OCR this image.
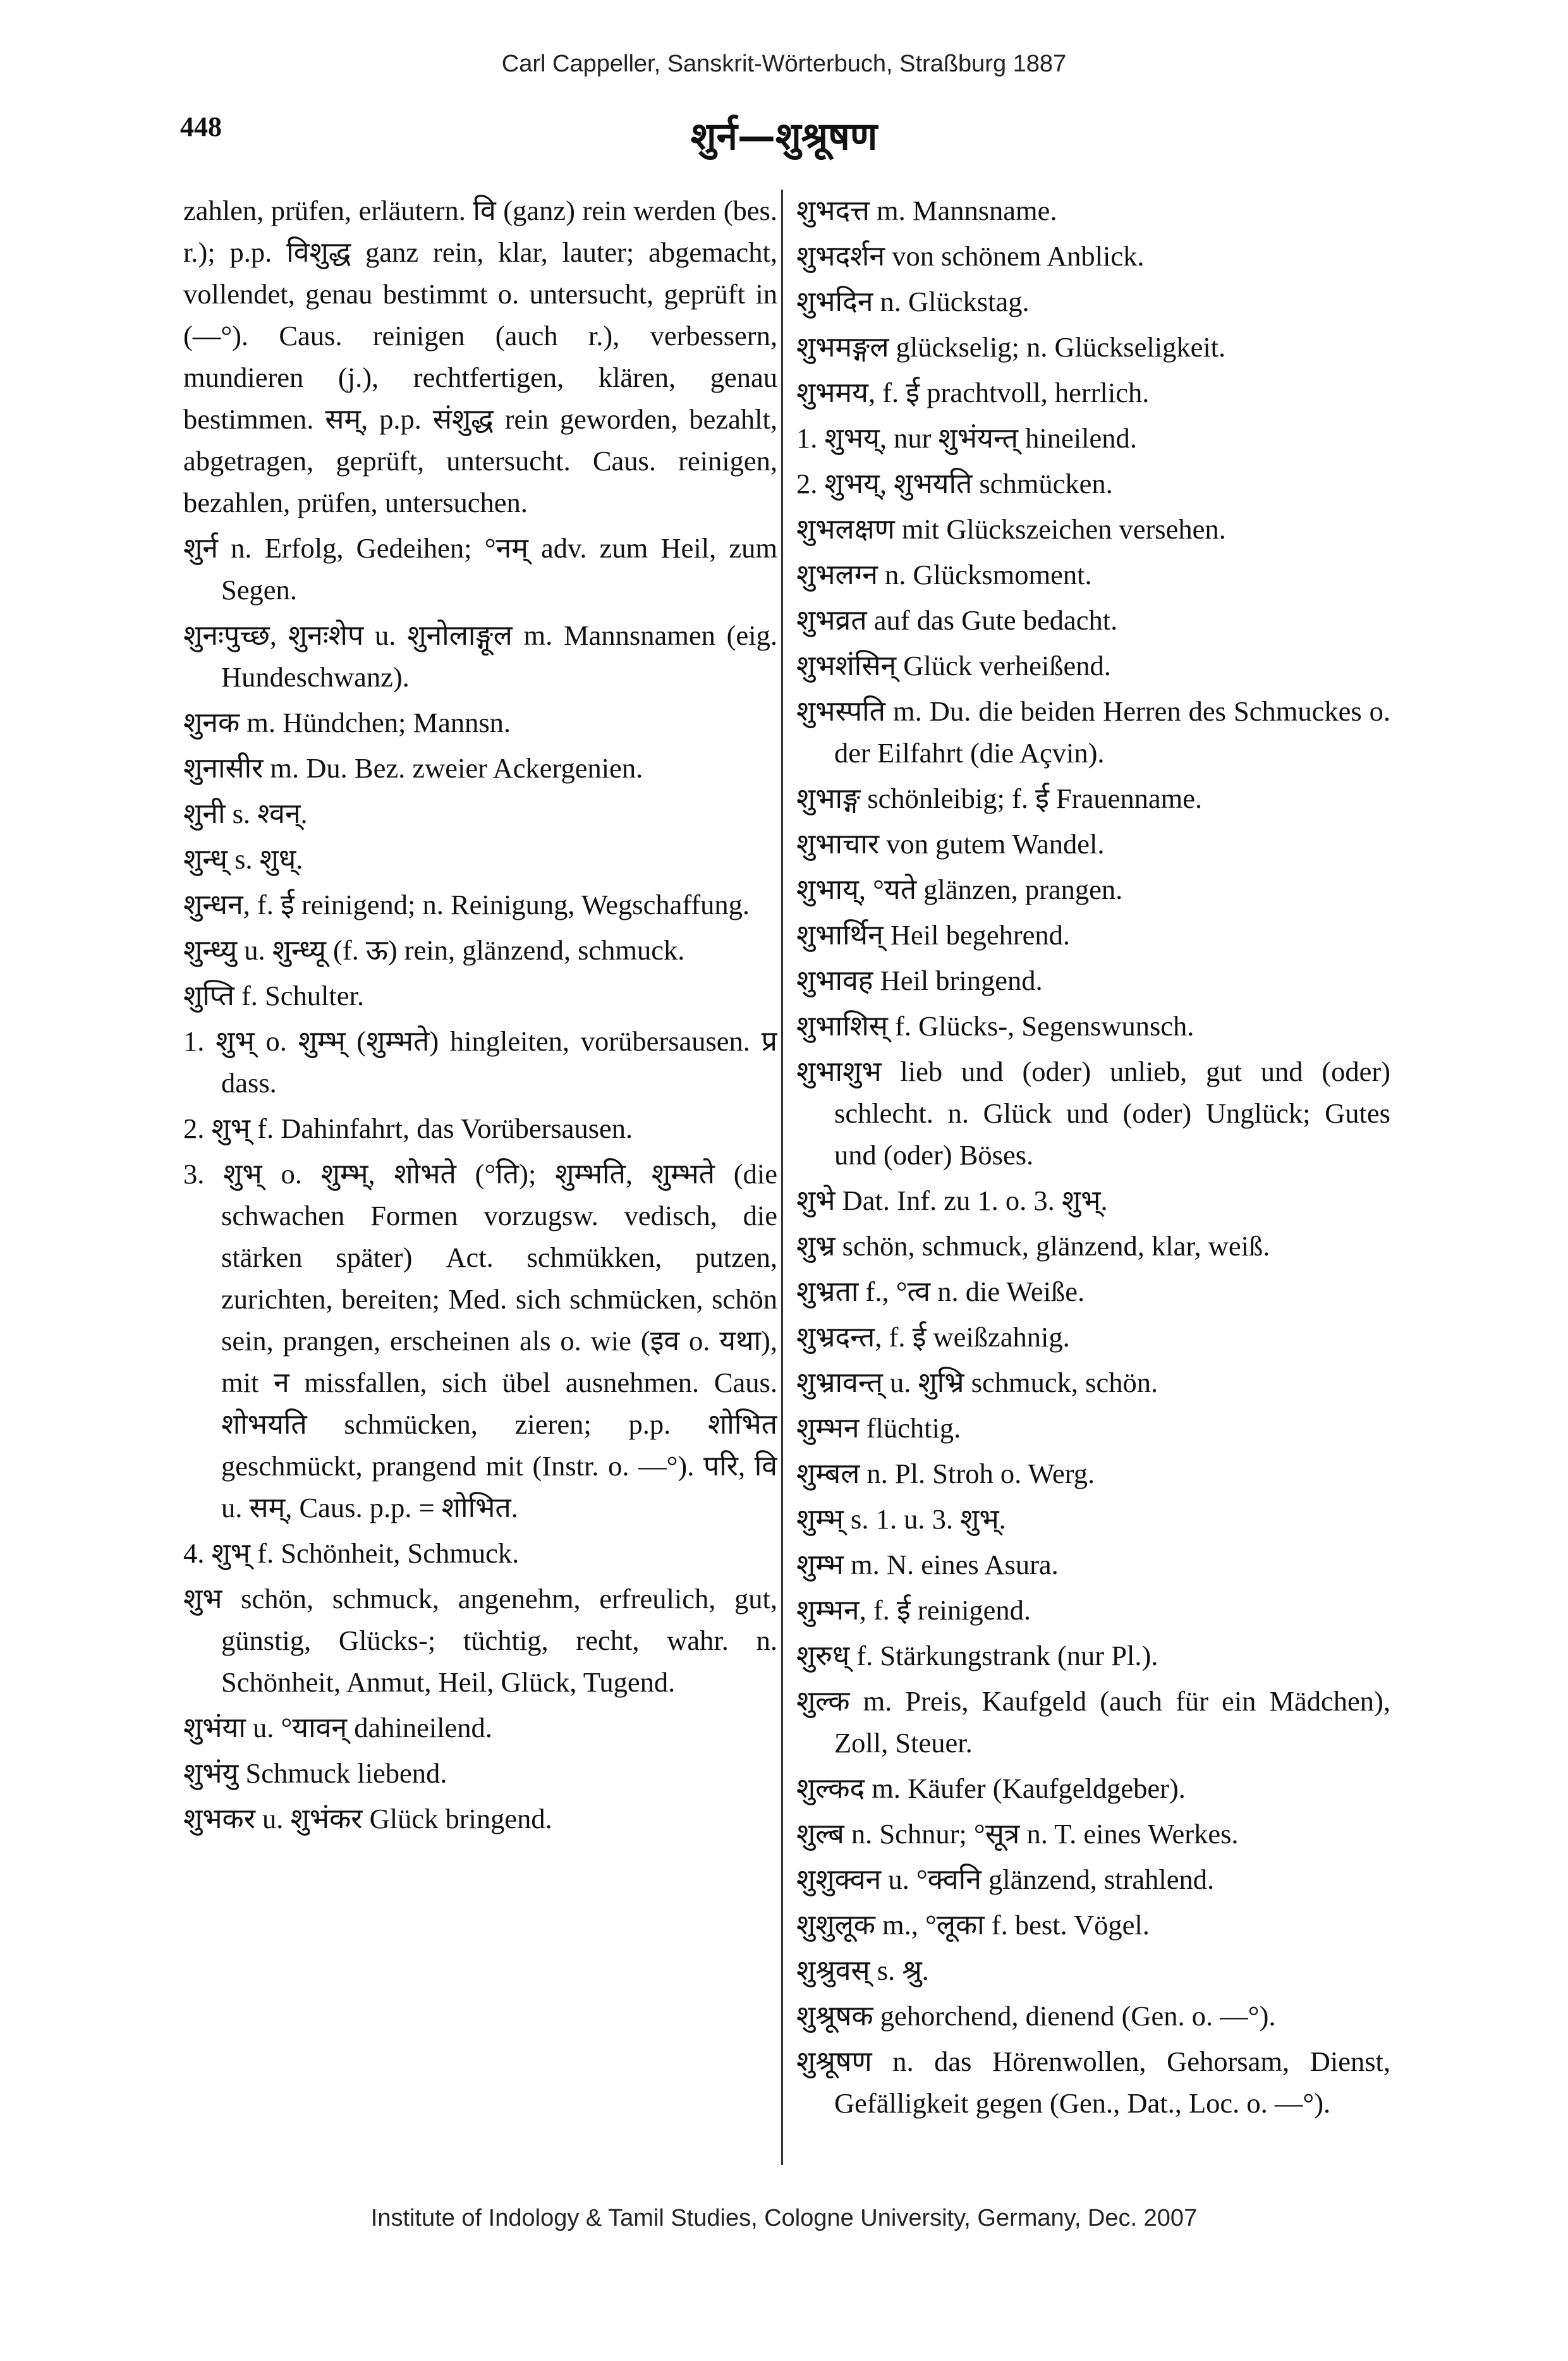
Carl Cappeller, Sanskrit-Wörterbuch, Straßburg 1887
448	शुर्न—शुश्रूषण

zahlen, prüfen, erläutern. वि (ganz) rein werden (bes. r.); p.p. विशुद्ध ganz rein, klar, lauter; abgemacht, vollendet, genau bestimmt o. untersucht, geprüft in (—°). Caus. reinigen (auch r.), verbessern, mundieren (j.), rechtfertigen, klären, genau bestimmen. सम्, p.p. संशुद्ध rein geworden, bezahlt, abgetragen, geprüft, untersucht. Caus. reinigen, bezahlen, prüfen, untersuchen.

शुर्न n. Erfolg, Gedeihen; °नम् adv. zum Heil, zum Segen.

शुनःपुच्छ, शुनःशेप u. शुनोलाङ्गूल m. Mannsnamen (eig. Hundeschwanz).

शुनक m. Hündchen; Mannsn.

शुनासीर m. Du. Bez. zweier Ackergenien.

शुनी s. श्वन्.

शुन्ध् s. शुध्.

शुन्धन, f. ई reinigend; n. Reinigung, Wegschaffung.

शुन्ध्यु u. शुन्ध्यू (f. ऊ) rein, glänzend, schmuck.

शुप्ति f. Schulter.

1. शुभ् o. शुम्भ् (शुम्भते) hingleiten, vorübersausen. प्र dass.

2. शुभ् f. Dahinfahrt, das Vorübersausen.

3. शुभ् o. शुम्भ्, शोभते (°ति); शुम्भति, शुम्भते (die schwachen Formen vorzugsw. vedisch, die stärken später) Act. schmükken, putzen, zurichten, bereiten; Med. sich schmücken, schön sein, prangen, erscheinen als o. wie (इव o. यथा), mit न missfallen, sich übel ausnehmen. Caus. शोभयति schmücken, zieren; p.p. शोभित geschmückt, prangend mit (Instr. o. —°). परि, वि u. सम्, Caus. p.p. = शोभित.

4. शुभ् f. Schönheit, Schmuck.

शुभ schön, schmuck, angenehm, erfreulich, gut, günstig, Glücks-; tüchtig, recht, wahr. n. Schönheit, Anmut, Heil, Glück, Tugend.

शुभंया u. °यावन् dahineilend.

शुभंयु Schmuck liebend.

शुभकर u. शुभंकर Glück bringend.

शुभदत्त m. Mannsname.

शुभदर्शन von schönem Anblick.

शुभदिन n. Glückstag.

शुभमङ्गल glückselig; n. Glückseligkeit.

शुभमय, f. ई prachtvoll, herrlich.

1. शुभय्, nur शुभंयन्त् hineilend.

2. शुभय्, शुभयति schmücken.

शुभलक्षण mit Glückszeichen versehen.

शुभलग्न n. Glücksmoment.

शुभव्रत auf das Gute bedacht.

शुभशंसिन् Glück verheißend.

शुभस्पति m. Du. die beiden Herren des Schmuckes o. der Eilfahrt (die Açvin).

शुभाङ्ग schönleibig; f. ई Frauenname.

शुभाचार von gutem Wandel.

शुभाय्, °यते glänzen, prangen.

शुभार्थिन् Heil begehrend.

शुभावह Heil bringend.

शुभाशिस् f. Glücks-, Segenswunsch.

शुभाशुभ lieb und (oder) unlieb, gut und (oder) schlecht. n. Glück und (oder) Unglück; Gutes und (oder) Böses.

शुभे Dat. Inf. zu 1. o. 3. शुभ्.

शुभ्र schön, schmuck, glänzend, klar, weiß.

शुभ्रता f., °त्व n. die Weiße.

शुभ्रदन्त, f. ई weißzahnig.

शुभ्रावन्त् u. शुभ्रि schmuck, schön.

शुम्भन flüchtig.

शुम्बल n. Pl. Stroh o. Werg.

शुम्भ् s. 1. u. 3. शुभ्.

शुम्भ m. N. eines Asura.

शुम्भन, f. ई reinigend.

शुरुध् f. Stärkungstrank (nur Pl.).

शुल्क m. Preis, Kaufgeld (auch für ein Mädchen), Zoll, Steuer.

शुल्कद m. Käufer (Kaufgeldgeber).

शुल्ब n. Schnur; °सूत्र n. T. eines Werkes.

शुशुक्वन u. °क्वनि glänzend, strahlend.

शुशुलूक m., °लूका f. best. Vögel.

शुश्रुवस् s. श्रु.

शुश्रूषक gehorchend, dienend (Gen. o. —°).

शुश्रूषण n. das Hörenwollen, Gehorsam, Dienst, Gefälligkeit gegen (Gen., Dat., Loc. o. —°).

Institute of Indology & Tamil Studies, Cologne University, Germany, Dec. 2007
